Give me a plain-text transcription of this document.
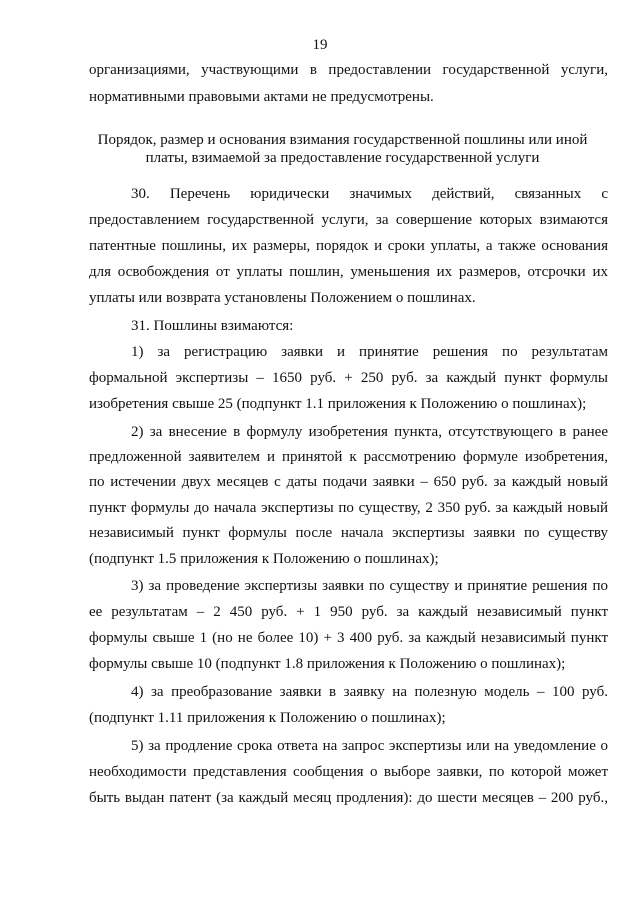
19
организациями, участвующими в предоставлении государственной услуги,
нормативными правовыми актами не предусмотрены.
Порядок, размер и основания взимания государственной пошлины или иной
платы, взимаемой за предоставление государственной услуги
30. Перечень юридически значимых действий, связанных с
предоставлением государственной услуги, за совершение которых взимаются
патентные пошлины, их размеры, порядок и сроки уплаты, а также основания
для освобождения от уплаты пошлин, уменьшения их размеров, отсрочки их
уплаты или возврата установлены Положением о пошлинах.
31. Пошлины взимаются:
1) за регистрацию заявки и принятие решения по результатам
формальной экспертизы – 1650 руб. + 250 руб. за каждый пункт формулы
изобретения свыше 25 (подпункт 1.1 приложения к Положению о пошлинах);
2) за внесение в формулу изобретения пункта, отсутствующего в ранее
предложенной заявителем и принятой к рассмотрению формуле изобретения,
по истечении двух месяцев с даты подачи заявки – 650 руб. за каждый новый
пункт формулы до начала экспертизы по существу, 2 350 руб. за каждый новый
независимый пункт формулы после начала экспертизы заявки по существу
(подпункт 1.5 приложения к Положению о пошлинах);
3) за проведение экспертизы заявки по существу и принятие решения по
ее результатам – 2 450 руб. + 1 950 руб. за каждый независимый пункт
формулы свыше 1 (но не более 10) + 3 400 руб. за каждый независимый пункт
формулы свыше 10 (подпункт 1.8 приложения к Положению о пошлинах);
4) за преобразование заявки в заявку на полезную модель – 100 руб.
(подпункт 1.11 приложения к Положению о пошлинах);
5) за продление срока ответа на запрос экспертизы или на уведомление о
необходимости представления сообщения о выборе заявки, по которой может
быть выдан патент (за каждый месяц продления): до шести месяцев – 200 руб.,
